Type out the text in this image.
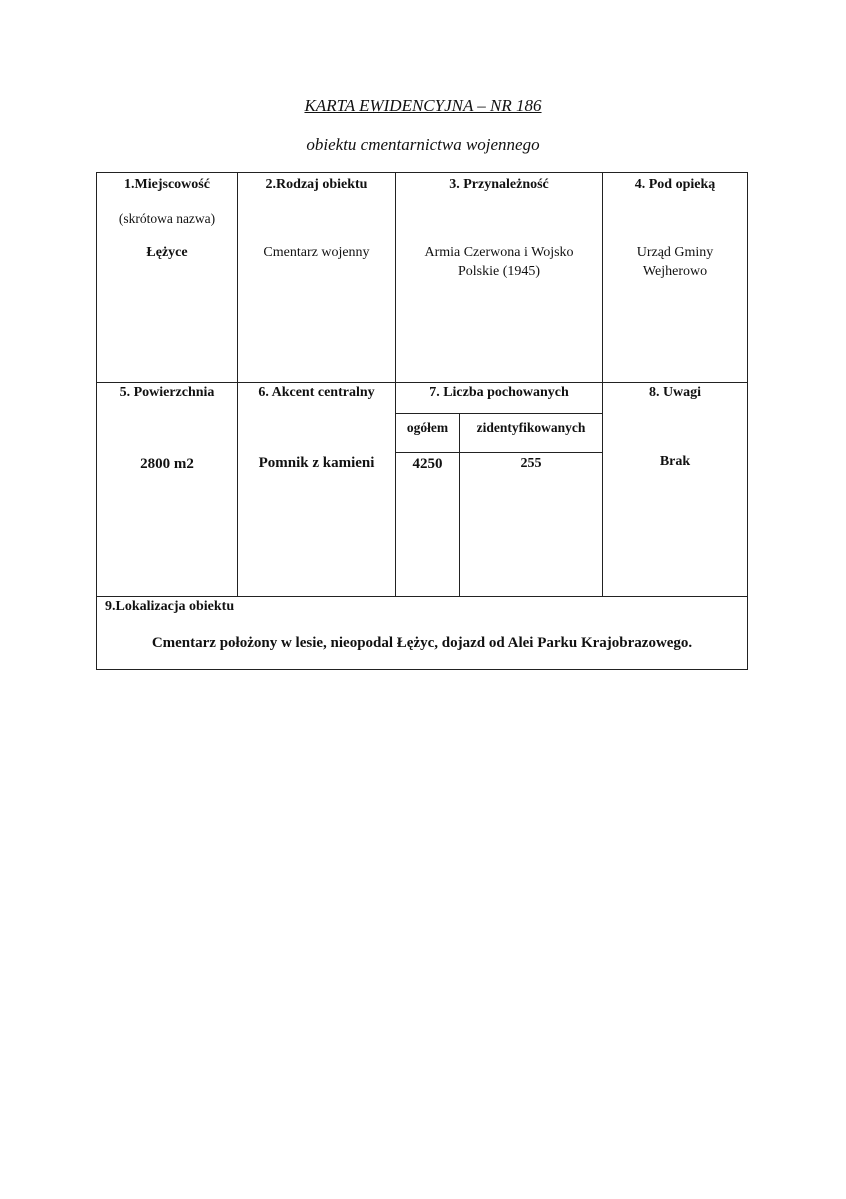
KARTA EWIDENCYJNA – NR 186
obiektu cmentarnictwa wojennego
1.Miejscowość
(skrótowa nazwa)
Łężyce
2.Rodzaj obiektu
Cmentarz wojenny
3. Przynależność
Armia Czerwona i Wojsko
Polskie (1945)
4. Pod opieką
Urząd Gminy
Wejherowo
5. Powierzchnia
2800 m2
6. Akcent centralny
Pomnik z kamieni
7. Liczba pochowanych
ogółem	zidentyfikowanych
4250	255
8. Uwagi
Brak
9.Lokalizacja obiektu
Cmentarz położony w lesie, nieopodal Łężyc, dojazd od Alei Parku Krajobrazowego.
